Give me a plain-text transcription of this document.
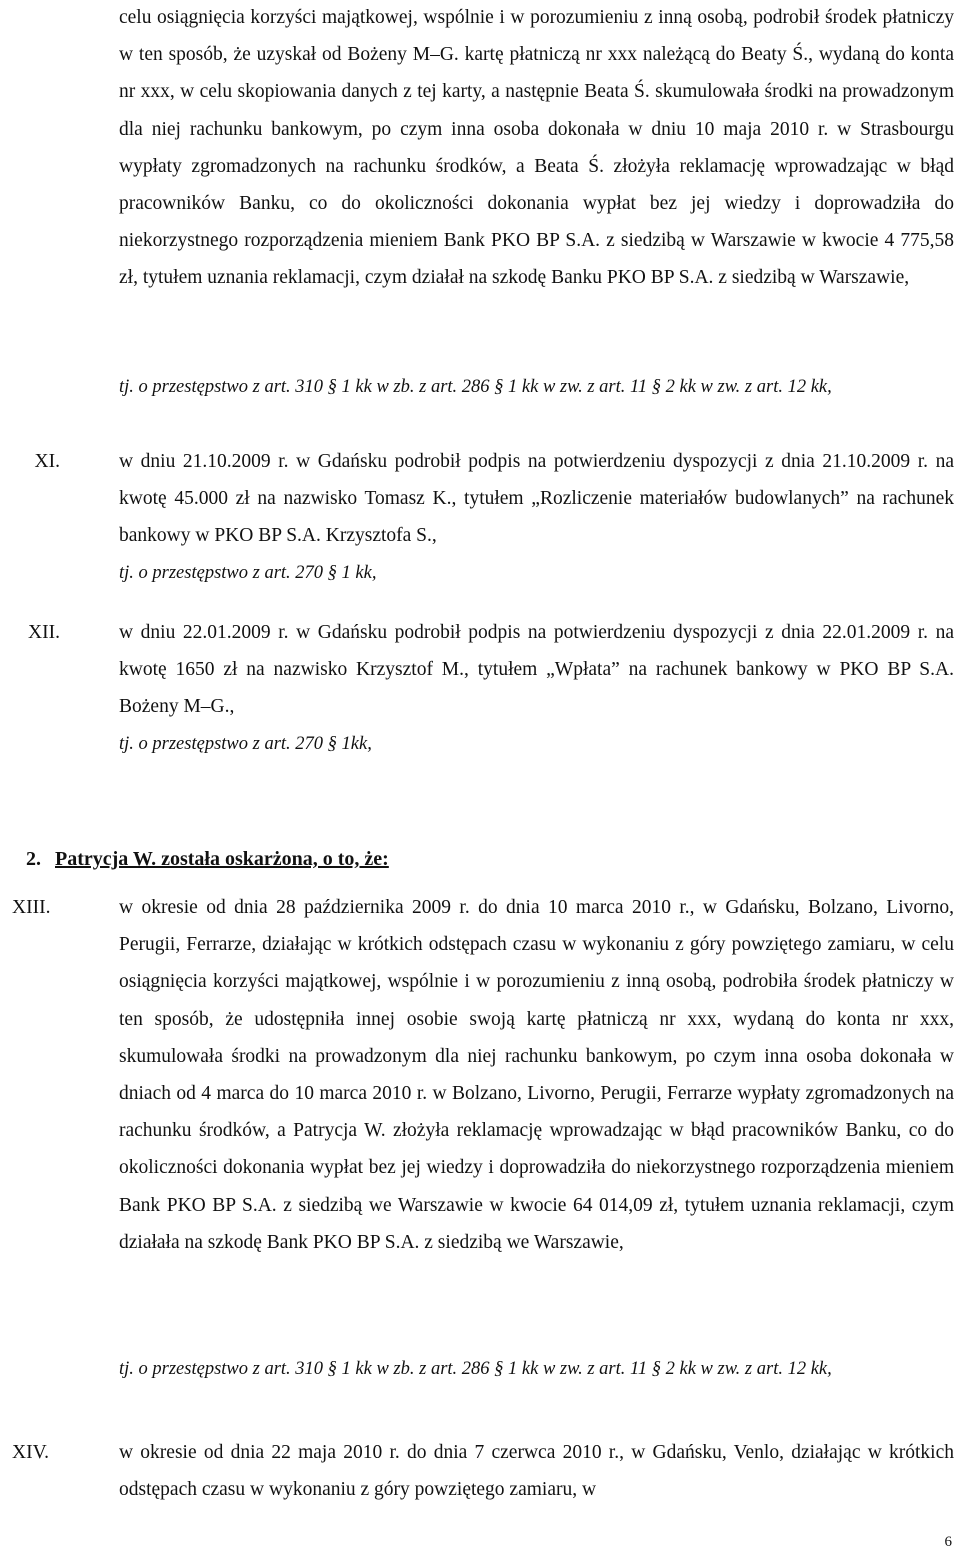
celu osiągnięcia korzyści majątkowej, wspólnie i w porozumieniu z inną osobą, podrobił środek płatniczy w ten sposób, że uzyskał od Bożeny M–G. kartę płatniczą nr xxx należącą do Beaty Ś., wydaną do konta nr xxx, w celu skopiowania danych z tej karty, a następnie Beata Ś. skumulowała środki na prowadzonym dla niej rachunku bankowym, po czym inna osoba dokonała w dniu 10 maja 2010 r. w Strasbourgu wypłaty zgromadzonych na rachunku środków, a Beata Ś. złożyła reklamację wprowadzając w błąd pracowników Banku, co do okoliczności dokonania wypłat bez jej wiedzy i doprowadziła do niekorzystnego rozporządzenia mieniem Bank PKO BP S.A. z siedzibą w Warszawie w kwocie 4 775,58 zł, tytułem uznania reklamacji, czym działał na szkodę Banku PKO BP S.A. z siedzibą w Warszawie,

tj. o przestępstwo z art. 310 § 1 kk w zb. z art. 286 § 1 kk w zw. z art. 11 § 2 kk w zw. z art. 12 kk,

XI.	w dniu 21.10.2009 r. w Gdańsku podrobił podpis na potwierdzeniu dyspozycji z dnia 21.10.2009 r. na kwotę 45.000 zł na nazwisko Tomasz K., tytułem „Rozliczenie materiałów budowlanych” na rachunek bankowy w PKO BP S.A. Krzysztofa S.,

tj. o przestępstwo z art. 270 § 1 kk,

XII.	w dniu 22.01.2009 r. w Gdańsku podrobił podpis na potwierdzeniu dyspozycji z dnia 22.01.2009 r. na kwotę 1650 zł na nazwisko Krzysztof M., tytułem „Wpłata” na rachunek bankowy w PKO BP S.A. Bożeny M–G.,

tj. o przestępstwo z art. 270 § 1kk,

2. Patrycja W. została oskarżona, o to, że:

XIII.	w okresie od dnia 28 października 2009 r. do dnia 10 marca 2010 r., w Gdańsku, Bolzano, Livorno, Perugii, Ferrarze, działając w krótkich odstępach czasu w wykonaniu z góry powziętego zamiaru, w celu osiągnięcia korzyści majątkowej, wspólnie i w porozumieniu z inną osobą, podrobiła środek płatniczy w ten sposób, że udostępniła innej osobie swoją kartę płatniczą nr xxx, wydaną do konta nr xxx, skumulowała środki na prowadzonym dla niej rachunku bankowym, po czym inna osoba dokonała w dniach od 4 marca do 10 marca 2010 r. w Bolzano, Livorno, Perugii, Ferrarze wypłaty zgromadzonych na rachunku środków, a Patrycja W. złożyła reklamację wprowadzając w błąd pracowników Banku, co do okoliczności dokonania wypłat bez jej wiedzy i doprowadziła do niekorzystnego rozporządzenia mieniem Bank PKO BP S.A. z siedzibą we Warszawie w kwocie 64 014,09 zł, tytułem uznania reklamacji, czym działała na szkodę Bank PKO BP S.A. z siedzibą we Warszawie,

tj. o przestępstwo z art. 310 § 1 kk w zb. z art. 286 § 1 kk w zw. z art. 11 § 2 kk w zw. z art. 12 kk,

XIV.	w okresie od dnia 22 maja 2010 r. do dnia 7 czerwca 2010 r., w Gdańsku, Venlo, działając w krótkich odstępach czasu w wykonaniu z góry powziętego zamiaru, w

6
